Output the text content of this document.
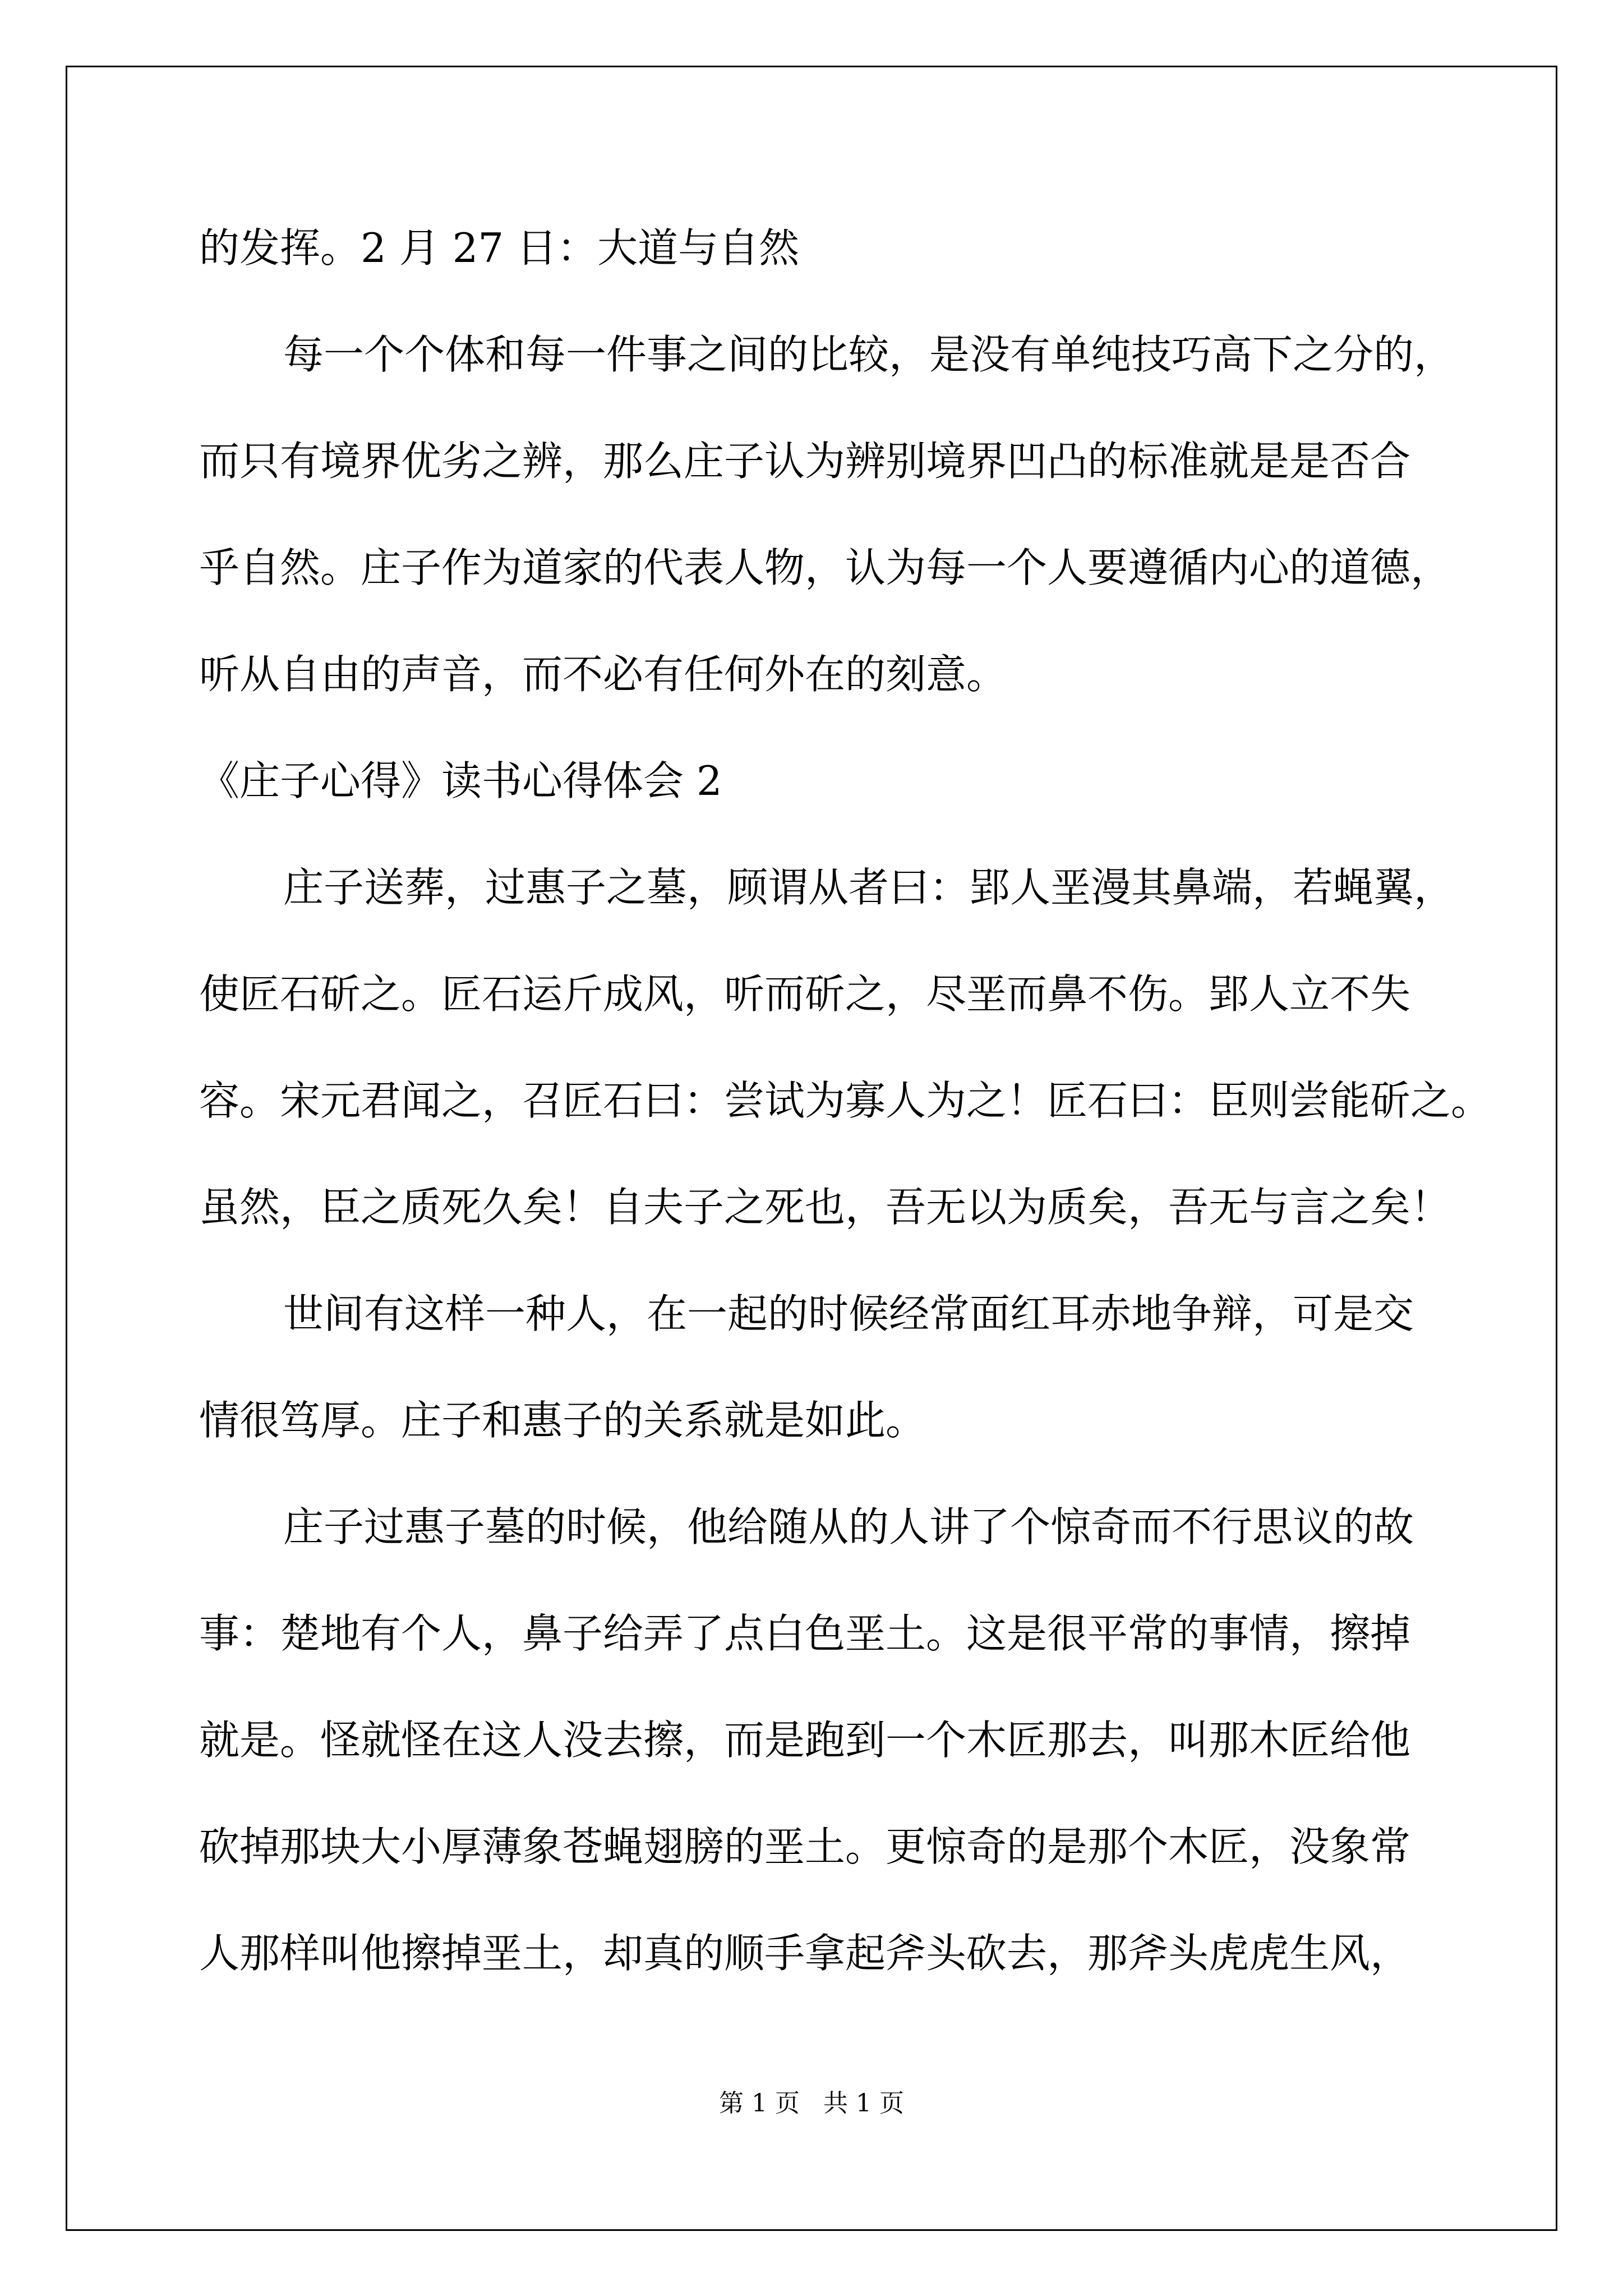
的发挥。2 月 27 日：大道与自然
每一个个体和每一件事之间的比较，是没有单纯技巧高下之分的，
而只有境界优劣之辨，那么庄子认为辨别境界凹凸的标准就是是否合
乎自然。庄子作为道家的代表人物，认为每一个人要遵循内心的道德，
听从自由的声音，而不必有任何外在的刻意。
《庄子心得》读书心得体会 2
庄子送葬，过惠子之墓，顾谓从者曰：郢人垩漫其鼻端，若蝇翼，
使匠石斫之。匠石运斤成风，听而斫之，尽垩而鼻不伤。郢人立不失
容。宋元君闻之，召匠石曰：尝试为寡人为之！匠石曰：臣则尝能斫之。
虽然，臣之质死久矣！自夫子之死也，吾无以为质矣，吾无与言之矣！
世间有这样一种人，在一起的时候经常面红耳赤地争辩，可是交
情很笃厚。庄子和惠子的关系就是如此。
庄子过惠子墓的时候，他给随从的人讲了个惊奇而不行思议的故
事：楚地有个人，鼻子给弄了点白色垩土。这是很平常的事情，擦掉
就是。怪就怪在这人没去擦，而是跑到一个木匠那去，叫那木匠给他
砍掉那块大小厚薄象苍蝇翅膀的垩土。更惊奇的是那个木匠，没象常
人那样叫他擦掉垩土，却真的顺手拿起斧头砍去，那斧头虎虎生风，
第 1 页   共 1 页
